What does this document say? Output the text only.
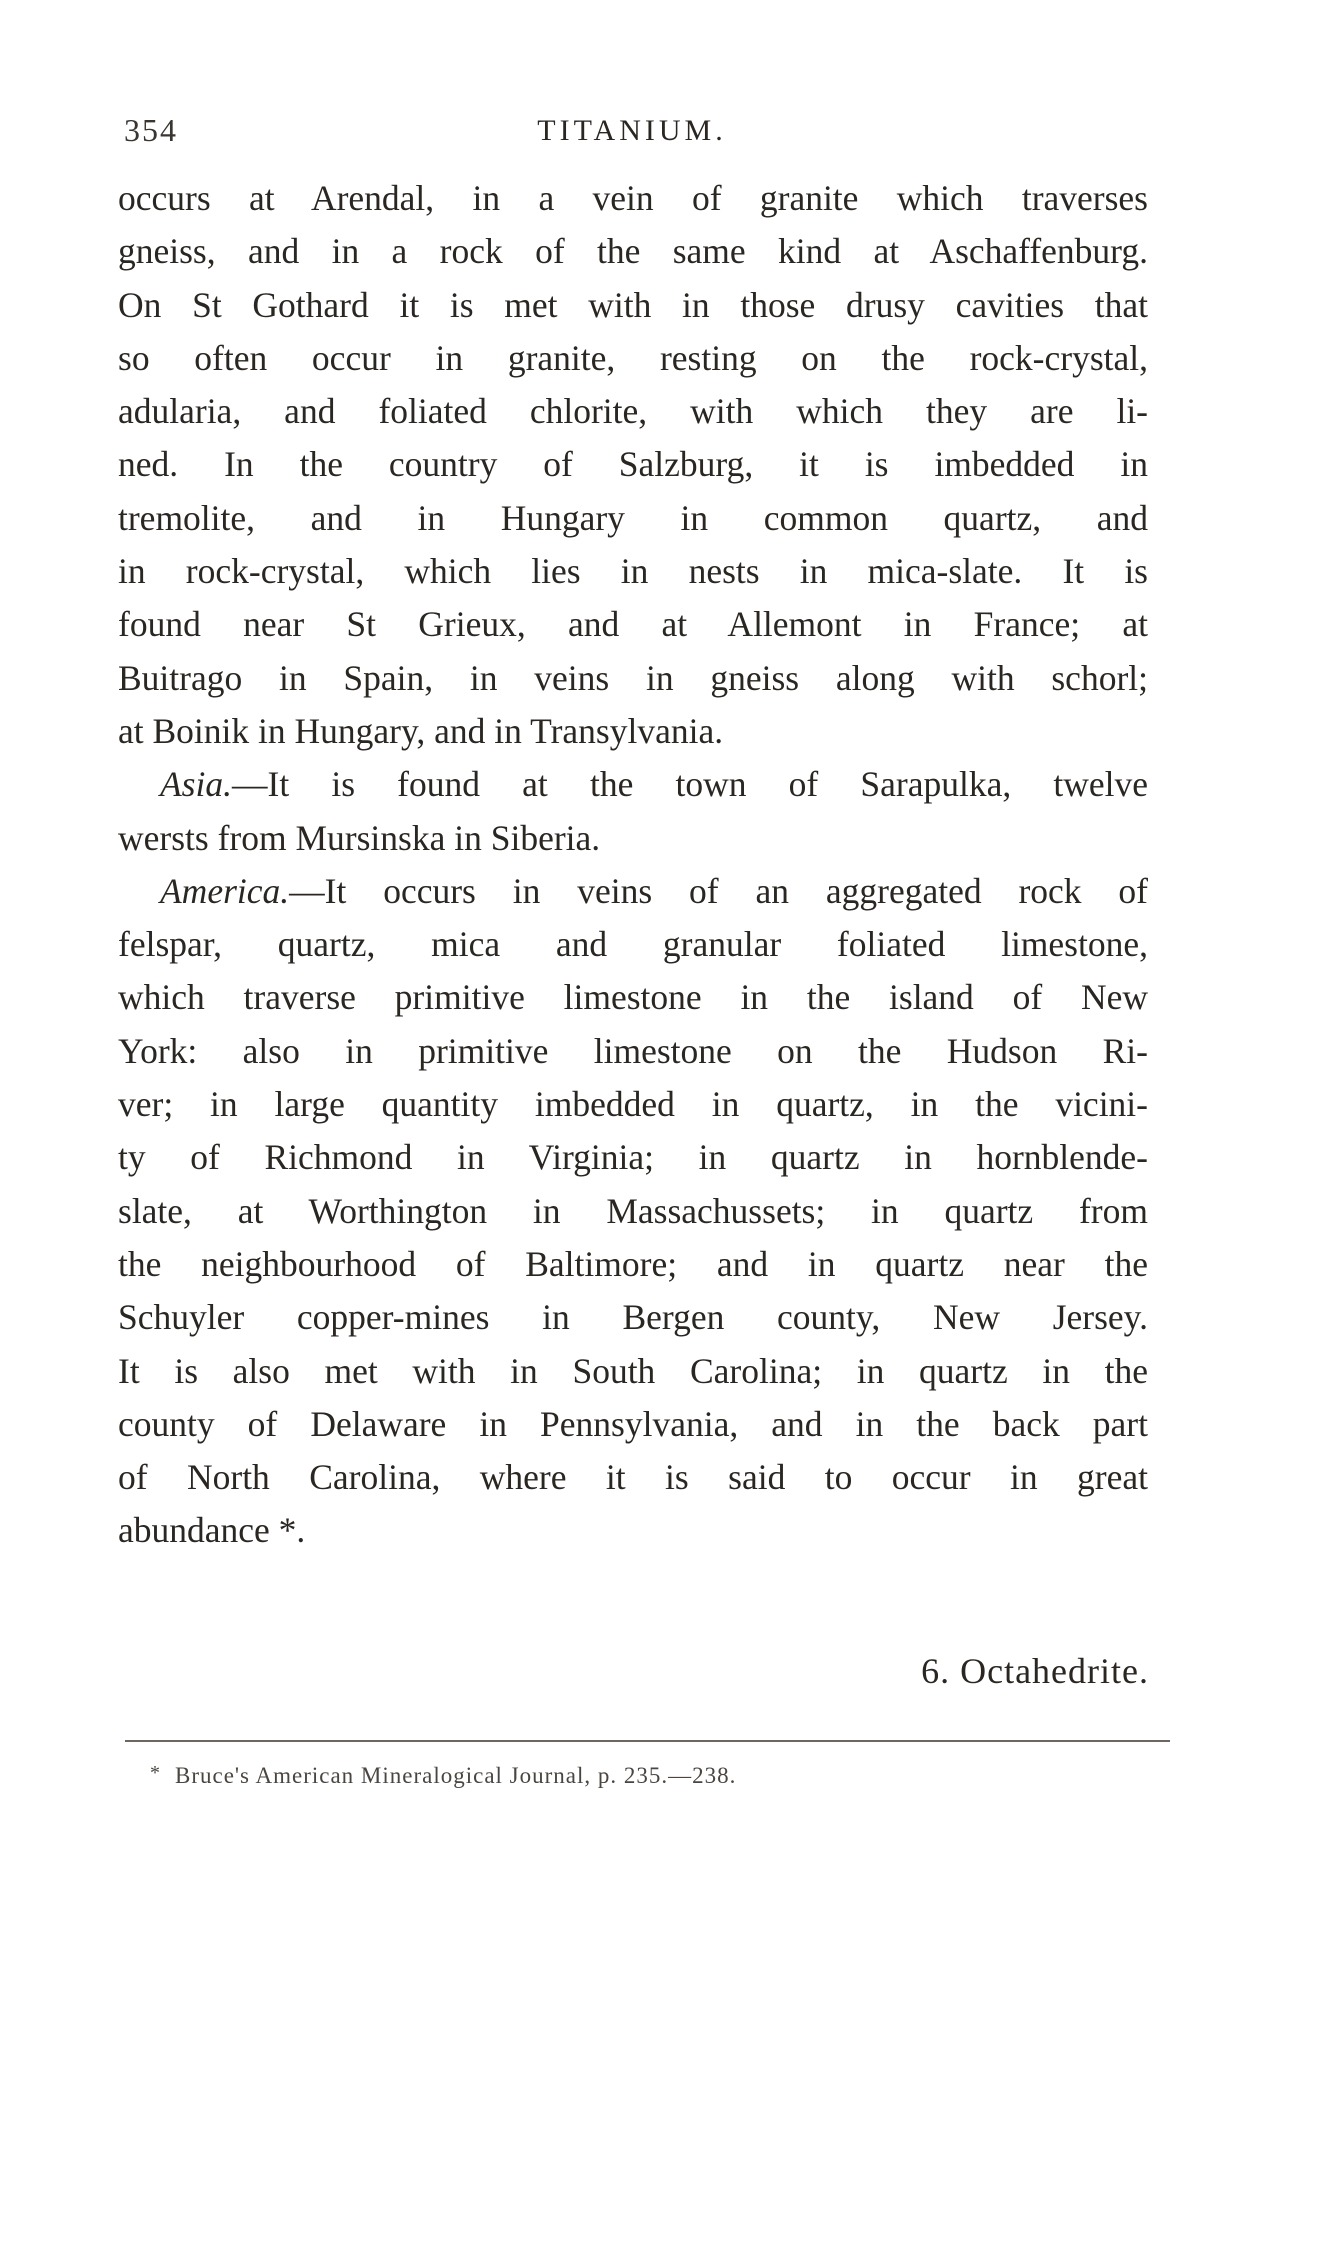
354	TITANIUM.
occurs at Arendal, in a vein of granite which traverses
gneiss, and in a rock of the same kind at Aschaffenburg.
On St Gothard it is met with in those drusy cavities that
so often occur in granite, resting on the rock-crystal,
adularia, and foliated chlorite, with which they are li-
ned. In the country of Salzburg, it is imbedded in
tremolite, and in Hungary in common quartz, and
in rock-crystal, which lies in nests in mica-slate. It is
found near St Grieux, and at Allemont in France; at
Buitrago in Spain, in veins in gneiss along with schorl;
at Boinik in Hungary, and in Transylvania.
Asia.—It is found at the town of Sarapulka, twelve
wersts from Mursinska in Siberia.
America.—It occurs in veins of an aggregated rock of
felspar, quartz, mica and granular foliated limestone,
which traverse primitive limestone in the island of New
York: also in primitive limestone on the Hudson Ri-
ver; in large quantity imbedded in quartz, in the vicini-
ty of Richmond in Virginia; in quartz in hornblende-
slate, at Worthington in Massachussets; in quartz from
the neighbourhood of Baltimore; and in quartz near the
Schuyler copper-mines in Bergen county, New Jersey.
It is also met with in South Carolina; in quartz in the
county of Delaware in Pennsylvania, and in the back part
of North Carolina, where it is said to occur in great
abundance *.
6. Octahedrite.
* Bruce's American Mineralogical Journal, p. 235.—238.
